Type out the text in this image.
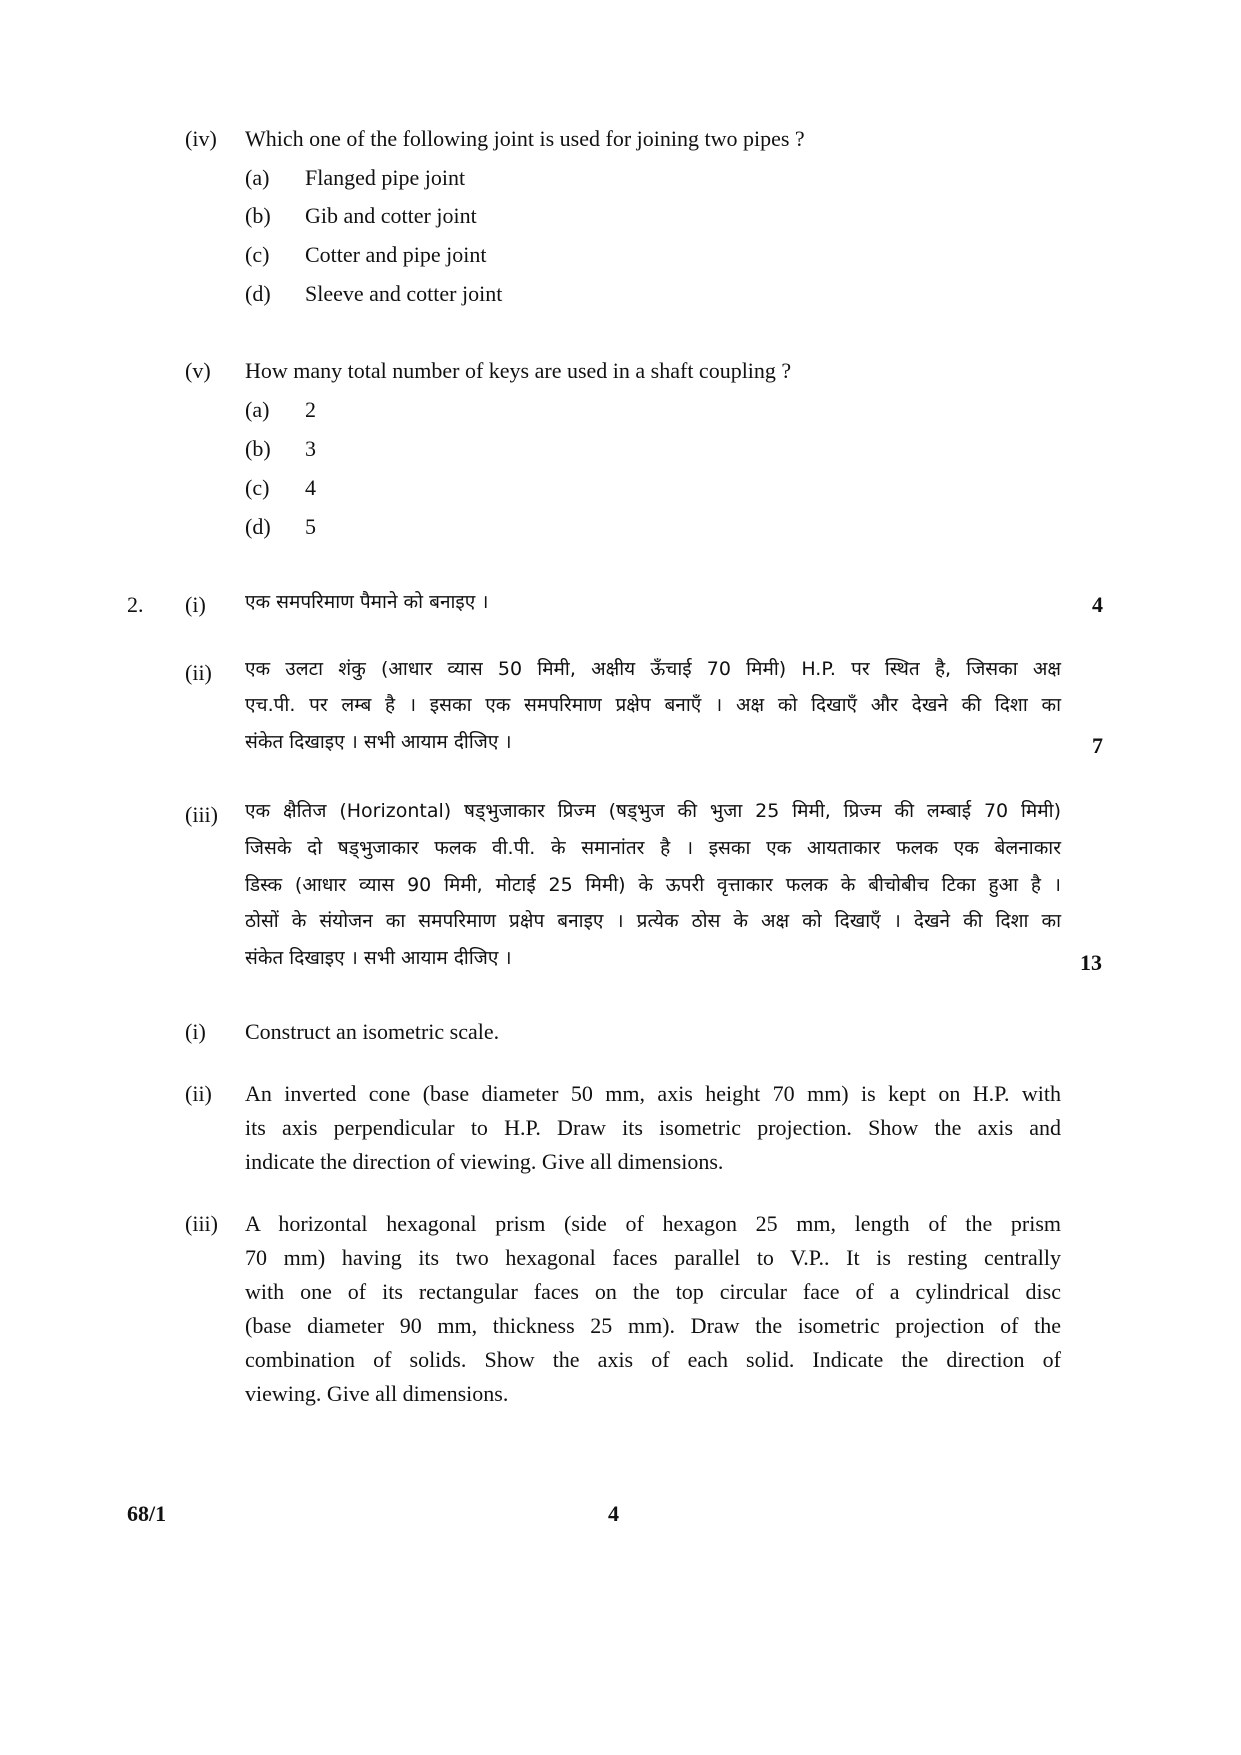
(iv) Which one of the following joint is used for joining two pipes ?
(a) Flanged pipe joint
(b) Gib and cotter joint
(c) Cotter and pipe joint
(d) Sleeve and cotter joint
(v) How many total number of keys are used in a shaft coupling ?
(a) 2
(b) 3
(c) 4
(d) 5
2. (i) एक समपरिमाण पैमाने को बनाइए ।	4
(ii) एक उलटा शंकु (आधार व्यास 50 मिमी, अक्षीय ऊँचाई 70 मिमी) H.P. पर स्थित है, जिसका अक्ष
एच.पी. पर लम्ब है । इसका एक समपरिमाण प्रक्षेप बनाएँ । अक्ष को दिखाएँ और देखने की दिशा का
संकेत दिखाइए । सभी आयाम दीजिए ।	7
(iii) एक क्षैतिज (Horizontal) षड्भुजाकार प्रिज्म (षड्भुज की भुजा 25 मिमी, प्रिज्म की लम्बाई 70 मिमी)
जिसके दो षड्भुजाकार फलक वी.पी. के समानांतर है । इसका एक आयताकार फलक एक बेलनाकार
डिस्क (आधार व्यास 90 मिमी, मोटाई 25 मिमी) के ऊपरी वृत्ताकार फलक के बीचोबीच टिका हुआ है ।
ठोसों के संयोजन का समपरिमाण प्रक्षेप बनाइए । प्रत्येक ठोस के अक्ष को दिखाएँ । देखने की दिशा का
संकेत दिखाइए । सभी आयाम दीजिए ।	13
(i) Construct an isometric scale.
(ii) An inverted cone (base diameter 50 mm, axis height 70 mm) is kept on H.P. with
its axis perpendicular to H.P. Draw its isometric projection. Show the axis and
indicate the direction of viewing. Give all dimensions.
(iii) A horizontal hexagonal prism (side of hexagon 25 mm, length of the prism
70 mm) having its two hexagonal faces parallel to V.P.. It is resting centrally
with one of its rectangular faces on the top circular face of a cylindrical disc
(base diameter 90 mm, thickness 25 mm). Draw the isometric projection of the
combination of solids. Show the axis of each solid. Indicate the direction of
viewing. Give all dimensions.
68/1	4
